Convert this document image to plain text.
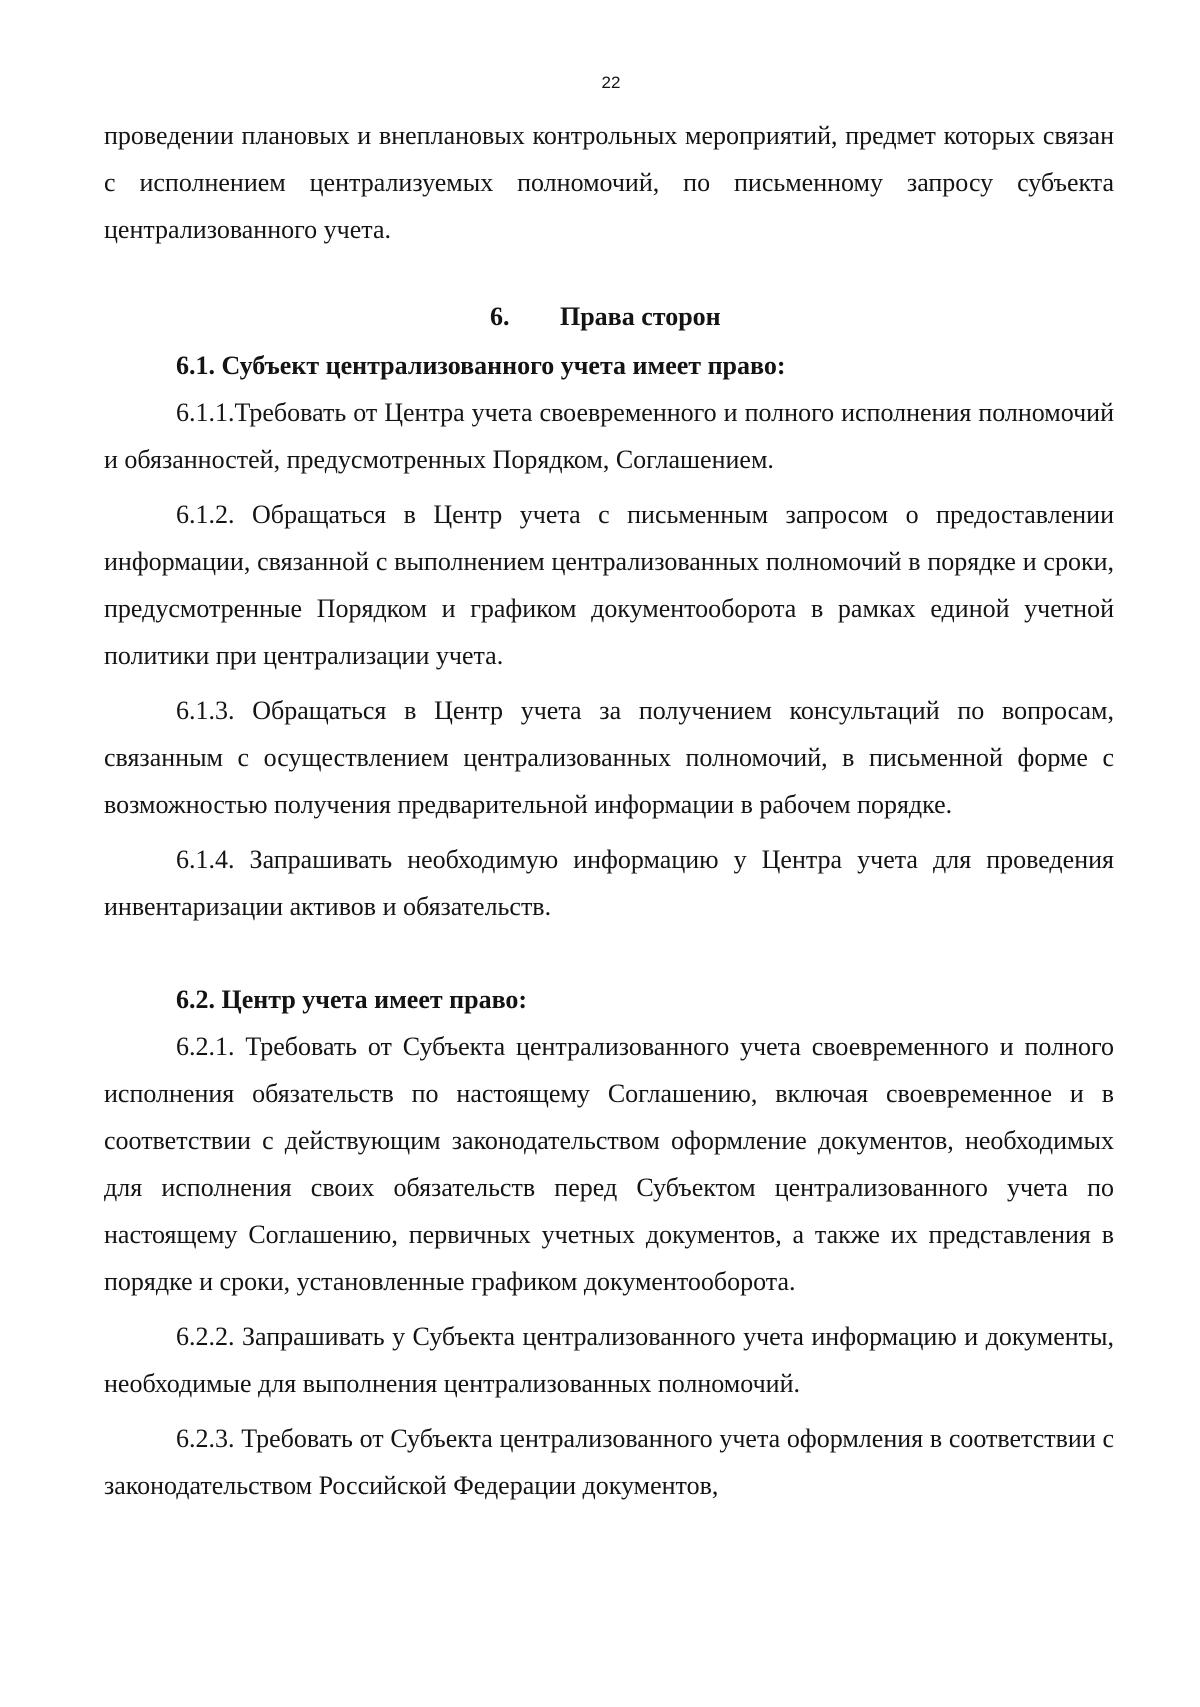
22

проведении плановых и внеплановых контрольных мероприятий, предмет которых связан с исполнением централизуемых полномочий, по письменному запросу субъекта централизованного учета.

6. Права сторон

6.1. Субъект централизованного учета имеет право:

6.1.1.Требовать от Центра учета своевременного и полного исполнения полномочий и обязанностей, предусмотренных Порядком, Соглашением.

6.1.2. Обращаться в Центр учета с письменным запросом о предоставлении информации, связанной с выполнением централизованных полномочий в порядке и сроки, предусмотренные Порядком и графиком документооборота в рамках единой учетной политики при централизации учета.

6.1.3. Обращаться в Центр учета за получением консультаций по вопросам, связанным с осуществлением централизованных полномочий, в письменной форме с возможностью получения предварительной информации в рабочем порядке.

6.1.4. Запрашивать необходимую информацию у Центра учета для проведения инвентаризации активов и обязательств.

6.2. Центр учета имеет право:

6.2.1. Требовать от Субъекта централизованного учета своевременного и полного исполнения обязательств по настоящему Соглашению, включая своевременное и в соответствии с действующим законодательством оформление документов, необходимых для исполнения своих обязательств перед Субъектом централизованного учета по настоящему Соглашению, первичных учетных документов, а также их представления в порядке и сроки, установленные графиком документооборота.

6.2.2. Запрашивать у Субъекта централизованного учета информацию и документы, необходимые для выполнения централизованных полномочий.

6.2.3. Требовать от Субъекта централизованного учета оформления в соответствии с законодательством Российской Федерации документов,
